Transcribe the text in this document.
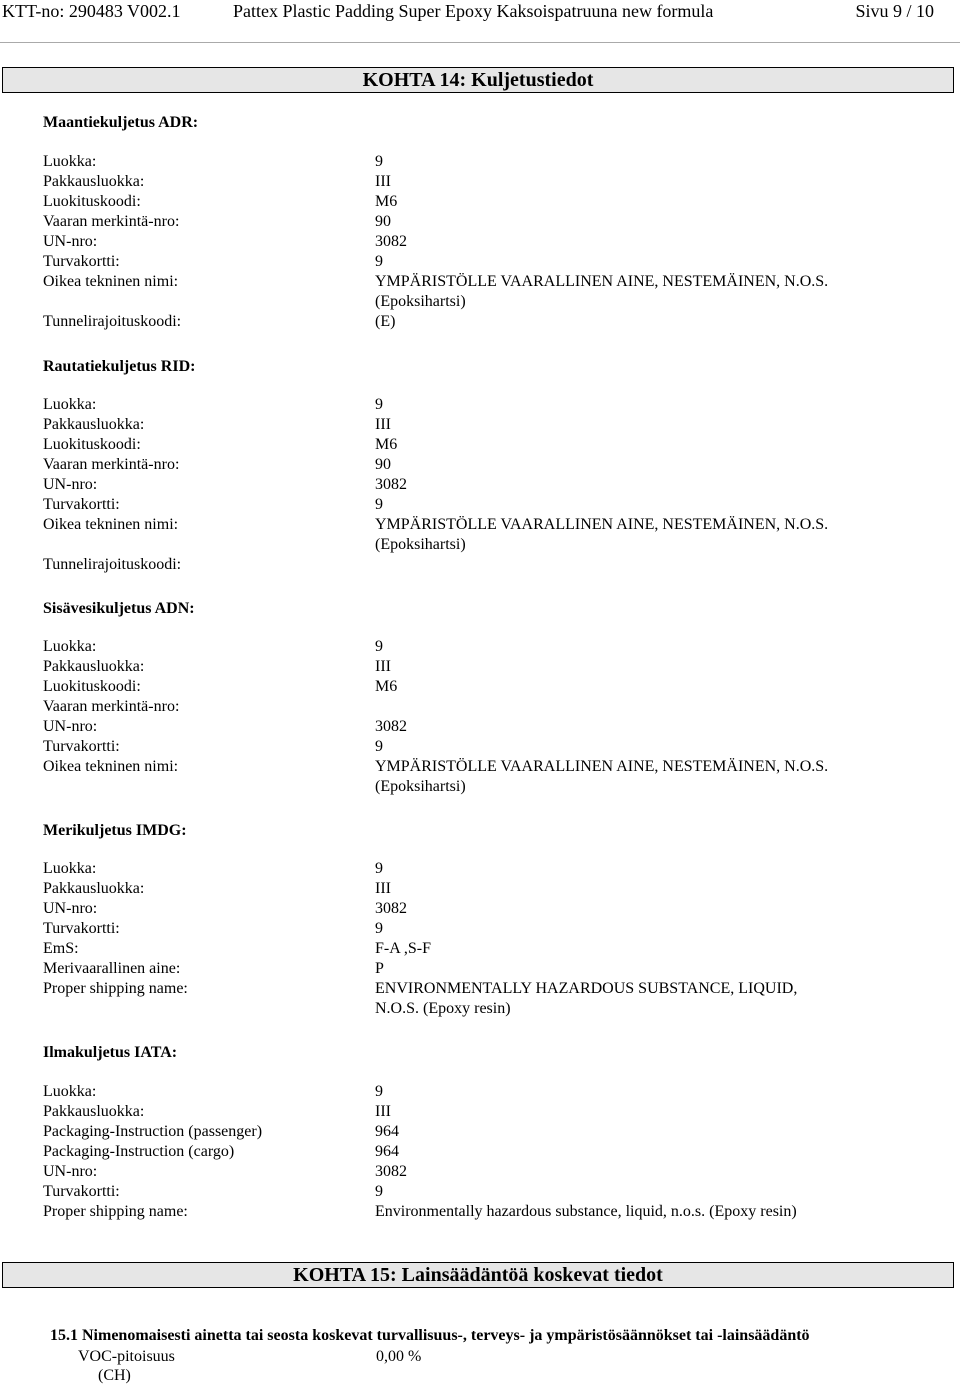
KTT-no: 290483 V002.1	Pattex Plastic Padding Super Epoxy Kaksoispatruuna new formula	Sivu 9 / 10
KOHTA 14: Kuljetustiedot
Maantiekuljetus ADR:
Luokka:	9
Pakkausluokka:	III
Luokituskoodi:	M6
Vaaran merkintä-nro:	90
UN-nro:	3082
Turvakortti:	9
Oikea tekninen nimi:	YMPÄRISTÖLLE VAARALLINEN AINE, NESTEMÄINEN, N.O.S.
(Epoksihartsi)
Tunnelirajoituskoodi:	(E)
Rautatiekuljetus RID:
Luokka:	9
Pakkausluokka:	III
Luokituskoodi:	M6
Vaaran merkintä-nro:	90
UN-nro:	3082
Turvakortti:	9
Oikea tekninen nimi:	YMPÄRISTÖLLE VAARALLINEN AINE, NESTEMÄINEN, N.O.S.
(Epoksihartsi)
Tunnelirajoituskoodi:
Sisävesikuljetus ADN:
Luokka:	9
Pakkausluokka:	III
Luokituskoodi:	M6
Vaaran merkintä-nro:
UN-nro:	3082
Turvakortti:	9
Oikea tekninen nimi:	YMPÄRISTÖLLE VAARALLINEN AINE, NESTEMÄINEN, N.O.S.
(Epoksihartsi)
Merikuljetus IMDG:
Luokka:	9
Pakkausluokka:	III
UN-nro:	3082
Turvakortti:	9
EmS:	F-A ,S-F
Merivaarallinen aine:	P
Proper shipping name:	ENVIRONMENTALLY HAZARDOUS SUBSTANCE, LIQUID,
N.O.S. (Epoxy resin)
Ilmakuljetus IATA:
Luokka:	9
Pakkausluokka:	III
Packaging-Instruction (passenger)	964
Packaging-Instruction (cargo)	964
UN-nro:	3082
Turvakortti:	9
Proper shipping name:	Environmentally hazardous substance, liquid, n.o.s. (Epoxy resin)
KOHTA 15: Lainsäädäntöä koskevat tiedot
15.1 Nimenomaisesti ainetta tai seosta koskevat turvallisuus-, terveys- ja ympäristösäännökset tai -lainsäädäntö
VOC-pitoisuus	0,00 %
(CH)
